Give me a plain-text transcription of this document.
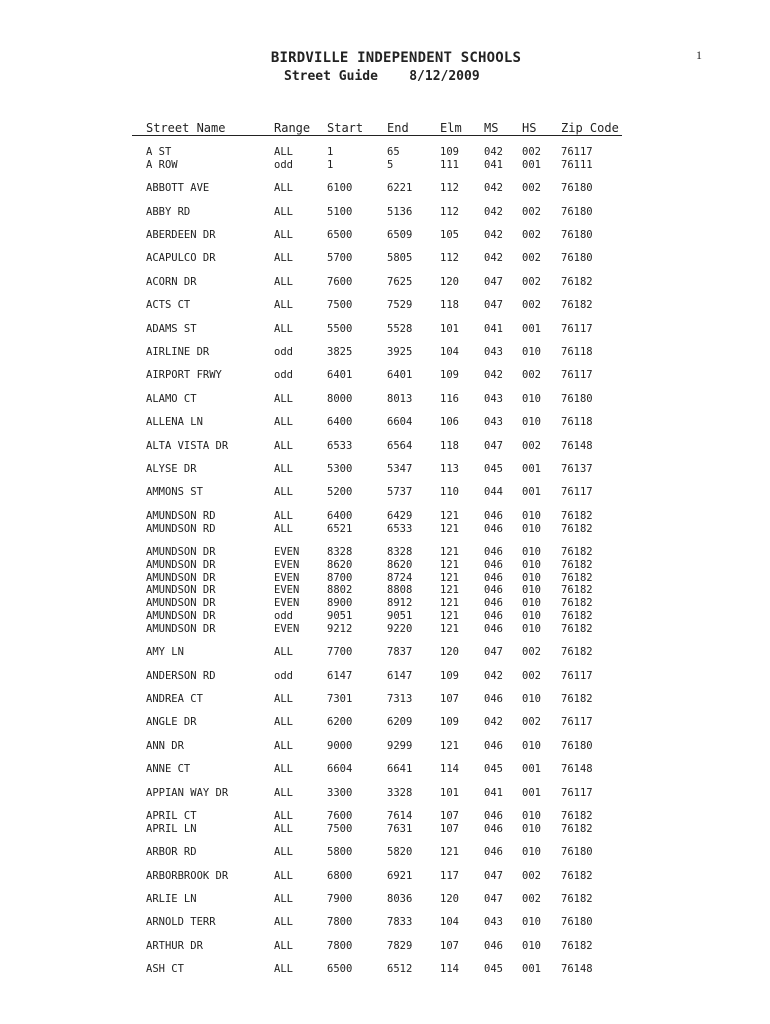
1
BIRDVILLE INDEPENDENT SCHOOLS
Street Guide    8/12/2009
Street Name	Range Start End	Elm MS HS Zip Code
A ST	ALL	1	65	109 042 002 76117
A ROW	odd	1	5	111 041 001 76111
ABBOTT AVE	ALL	6100	6221	112 042 002 76180
ABBY RD	ALL	5100	5136	112 042 002 76180
ABERDEEN DR	ALL	6500	6509	105 042 002 76180
ACAPULCO DR	ALL	5700	5805	112 042 002 76180
ACORN DR	ALL	7600	7625	120 047 002 76182
ACTS CT	ALL	7500	7529	118 047 002 76182
ADAMS ST	ALL	5500	5528	101 041 001 76117
AIRLINE DR	odd	3825	3925	104 043 010 76118
AIRPORT FRWY	odd	6401	6401	109 042 002 76117
ALAMO CT	ALL	8000	8013	116 043 010 76180
ALLENA LN	ALL	6400	6604	106 043 010 76118
ALTA VISTA DR	ALL	6533	6564	118 047 002 76148
ALYSE DR	ALL	5300	5347	113 045 001 76137
AMMONS ST	ALL	5200	5737	110 044 001 76117
AMUNDSON RD	ALL	6400	6429	121 046 010 76182
AMUNDSON RD	ALL	6521	6533	121 046 010 76182
AMUNDSON DR	EVEN	8328	8328	121 046 010 76182
AMUNDSON DR	EVEN	8620	8620	121 046 010 76182
AMUNDSON DR	EVEN	8700	8724	121 046 010 76182
AMUNDSON DR	EVEN	8802	8808	121 046 010 76182
AMUNDSON DR	EVEN	8900	8912	121 046 010 76182
AMUNDSON DR	odd	9051	9051	121 046 010 76182
AMUNDSON DR	EVEN	9212	9220	121 046 010 76182
AMY LN	ALL	7700	7837	120 047 002 76182
ANDERSON RD	odd	6147	6147	109 042 002 76117
ANDREA CT	ALL	7301	7313	107 046 010 76182
ANGLE DR	ALL	6200	6209	109 042 002 76117
ANN DR	ALL	9000	9299	121 046 010 76180
ANNE CT	ALL	6604	6641	114 045 001 76148
APPIAN WAY DR	ALL	3300	3328	101 041 001 76117
APRIL CT	ALL	7600	7614	107 046 010 76182
APRIL LN	ALL	7500	7631	107 046 010 76182
ARBOR RD	ALL	5800	5820	121 046 010 76180
ARBORBROOK DR	ALL	6800	6921	117 047 002 76182
ARLIE LN	ALL	7900	8036	120 047 002 76182
ARNOLD TERR	ALL	7800	7833	104 043 010 76180
ARTHUR DR	ALL	7800	7829	107 046 010 76182
ASH CT	ALL	6500	6512	114 045 001 76148
